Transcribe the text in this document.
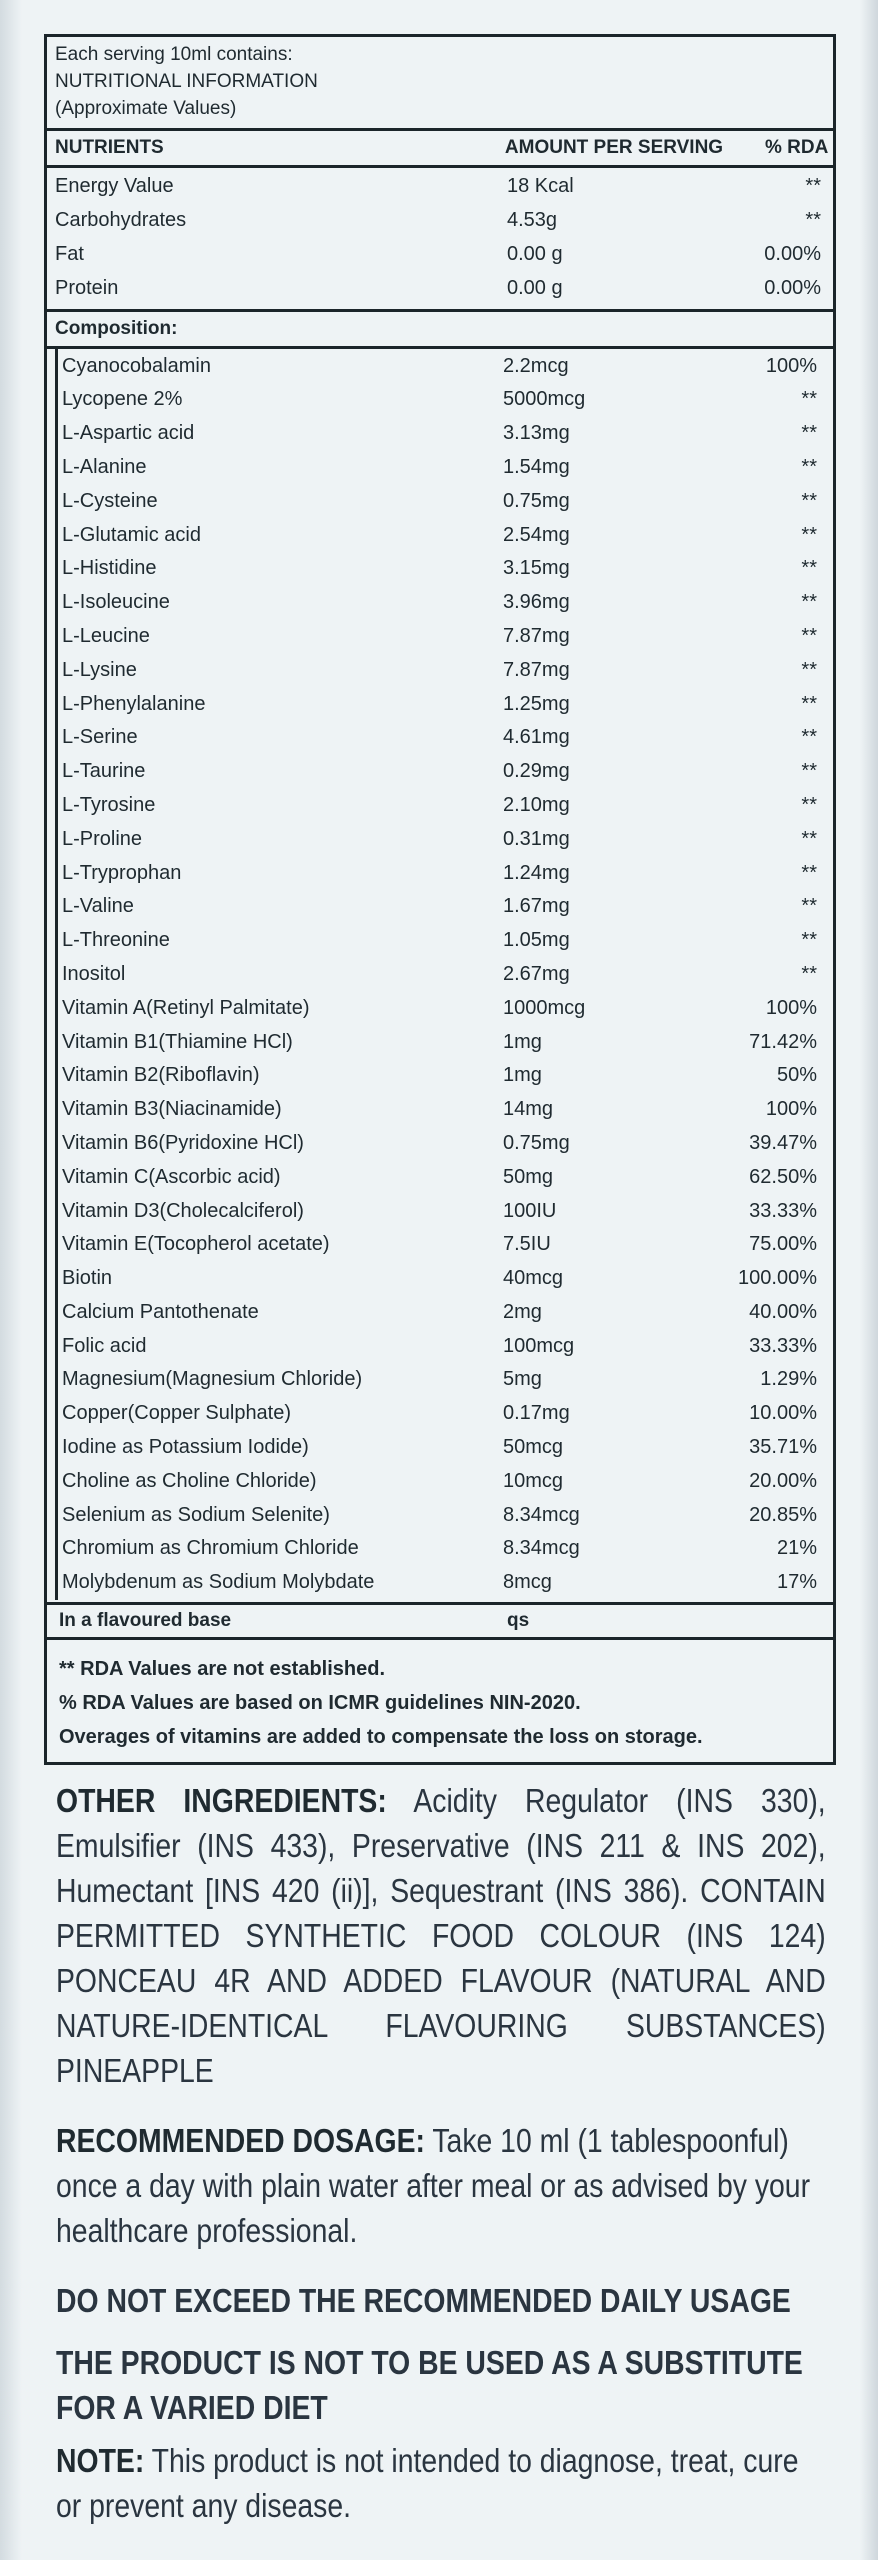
Each serving 10ml contains:
NUTRITIONAL INFORMATION
(Approximate Values)
NUTRIENTS	AMOUNT PER SERVING	% RDA
Energy Value	18 Kcal	**
Carbohydrates	4.53g	**
Fat	0.00 g	0.00%
Protein	0.00 g	0.00%
Composition:
Cyanocobalamin	2.2mcg	100%
Lycopene 2%	5000mcg	**
L-Aspartic acid	3.13mg	**
L-Alanine	1.54mg	**
L-Cysteine	0.75mg	**
L-Glutamic acid	2.54mg	**
L-Histidine	3.15mg	**
L-Isoleucine	3.96mg	**
L-Leucine	7.87mg	**
L-Lysine	7.87mg	**
L-Phenylalanine	1.25mg	**
L-Serine	4.61mg	**
L-Taurine	0.29mg	**
L-Tyrosine	2.10mg	**
L-Proline	0.31mg	**
L-Tryprophan	1.24mg	**
L-Valine	1.67mg	**
L-Threonine	1.05mg	**
Inositol	2.67mg	**
Vitamin A(Retinyl Palmitate)	1000mcg	100%
Vitamin B1(Thiamine HCl)	1mg	71.42%
Vitamin B2(Riboflavin)	1mg	50%
Vitamin B3(Niacinamide)	14mg	100%
Vitamin B6(Pyridoxine HCl)	0.75mg	39.47%
Vitamin C(Ascorbic acid)	50mg	62.50%
Vitamin D3(Cholecalciferol)	100IU	33.33%
Vitamin E(Tocopherol acetate)	7.5IU	75.00%
Biotin	40mcg	100.00%
Calcium Pantothenate	2mg	40.00%
Folic acid	100mcg	33.33%
Magnesium(Magnesium Chloride)	5mg	1.29%
Copper(Copper Sulphate)	0.17mg	10.00%
Iodine as Potassium Iodide)	50mcg	35.71%
Choline as Choline Chloride)	10mcg	20.00%
Selenium as Sodium Selenite)	8.34mcg	20.85%
Chromium as Chromium Chloride	8.34mcg	21%
Molybdenum as Sodium Molybdate	8mcg	17%
In a flavoured base	qs
** RDA Values are not established.
% RDA Values are based on ICMR guidelines NIN-2020.
Overages of vitamins are added to compensate the loss on storage.
OTHER INGREDIENTS: Acidity Regulator (INS 330), Emulsifier (INS 433), Preservative (INS 211 & INS 202), Humectant [INS 420 (ii)], Sequestrant (INS 386). CONTAIN PERMITTED SYNTHETIC FOOD COLOUR (INS 124) PONCEAU 4R AND ADDED FLAVOUR (NATURAL AND NATURE-IDENTICAL FLAVOURING SUBSTANCES) PINEAPPLE
RECOMMENDED DOSAGE: Take 10 ml (1 tablespoonful) once a day with plain water after meal or as advised by your healthcare professional.
DO NOT EXCEED THE RECOMMENDED DAILY USAGE
THE PRODUCT IS NOT TO BE USED AS A SUBSTITUTE FOR A VARIED DIET
NOTE: This product is not intended to diagnose, treat, cure or prevent any disease.
